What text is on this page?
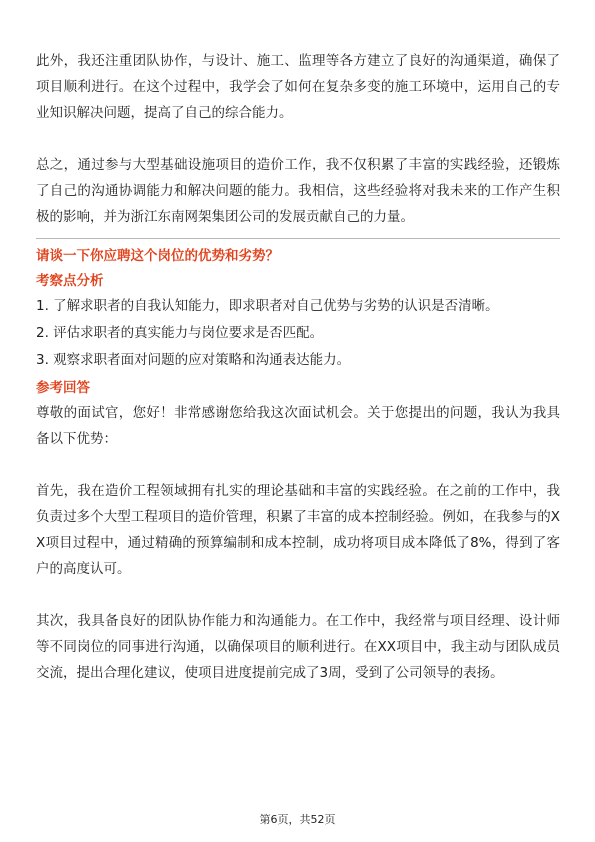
此外，我还注重团队协作，与设计、施工、监理等各方建立了良好的沟通渠道，确保了项目顺利进行。在这个过程中，我学会了如何在复杂多变的施工环境中，运用自己的专业知识解决问题，提高了自己的综合能力。

总之，通过参与大型基础设施项目的造价工作，我不仅积累了丰富的实践经验，还锻炼了自己的沟通协调能力和解决问题的能力。我相信，这些经验将对我未来的工作产生积极的影响，并为浙江东南网架集团公司的发展贡献自己的力量。

请谈一下你应聘这个岗位的优势和劣势？

考察点分析

1. 了解求职者的自我认知能力，即求职者对自己优势与劣势的认识是否清晰。

2. 评估求职者的真实能力与岗位要求是否匹配。

3. 观察求职者面对问题的应对策略和沟通表达能力。

参考回答

尊敬的面试官，您好！非常感谢您给我这次面试机会。关于您提出的问题，我认为我具备以下优势：

首先，我在造价工程领域拥有扎实的理论基础和丰富的实践经验。在之前的工作中，我负责过多个大型工程项目的造价管理，积累了丰富的成本控制经验。例如，在我参与的XX项目过程中，通过精确的预算编制和成本控制，成功将项目成本降低了8%，得到了客户的高度认可。

其次，我具备良好的团队协作能力和沟通能力。在工作中，我经常与项目经理、设计师等不同岗位的同事进行沟通，以确保项目的顺利进行。在XX项目中，我主动与团队成员交流，提出合理化建议，使项目进度提前完成了3周，受到了公司领导的表扬。

第6页，共52页
